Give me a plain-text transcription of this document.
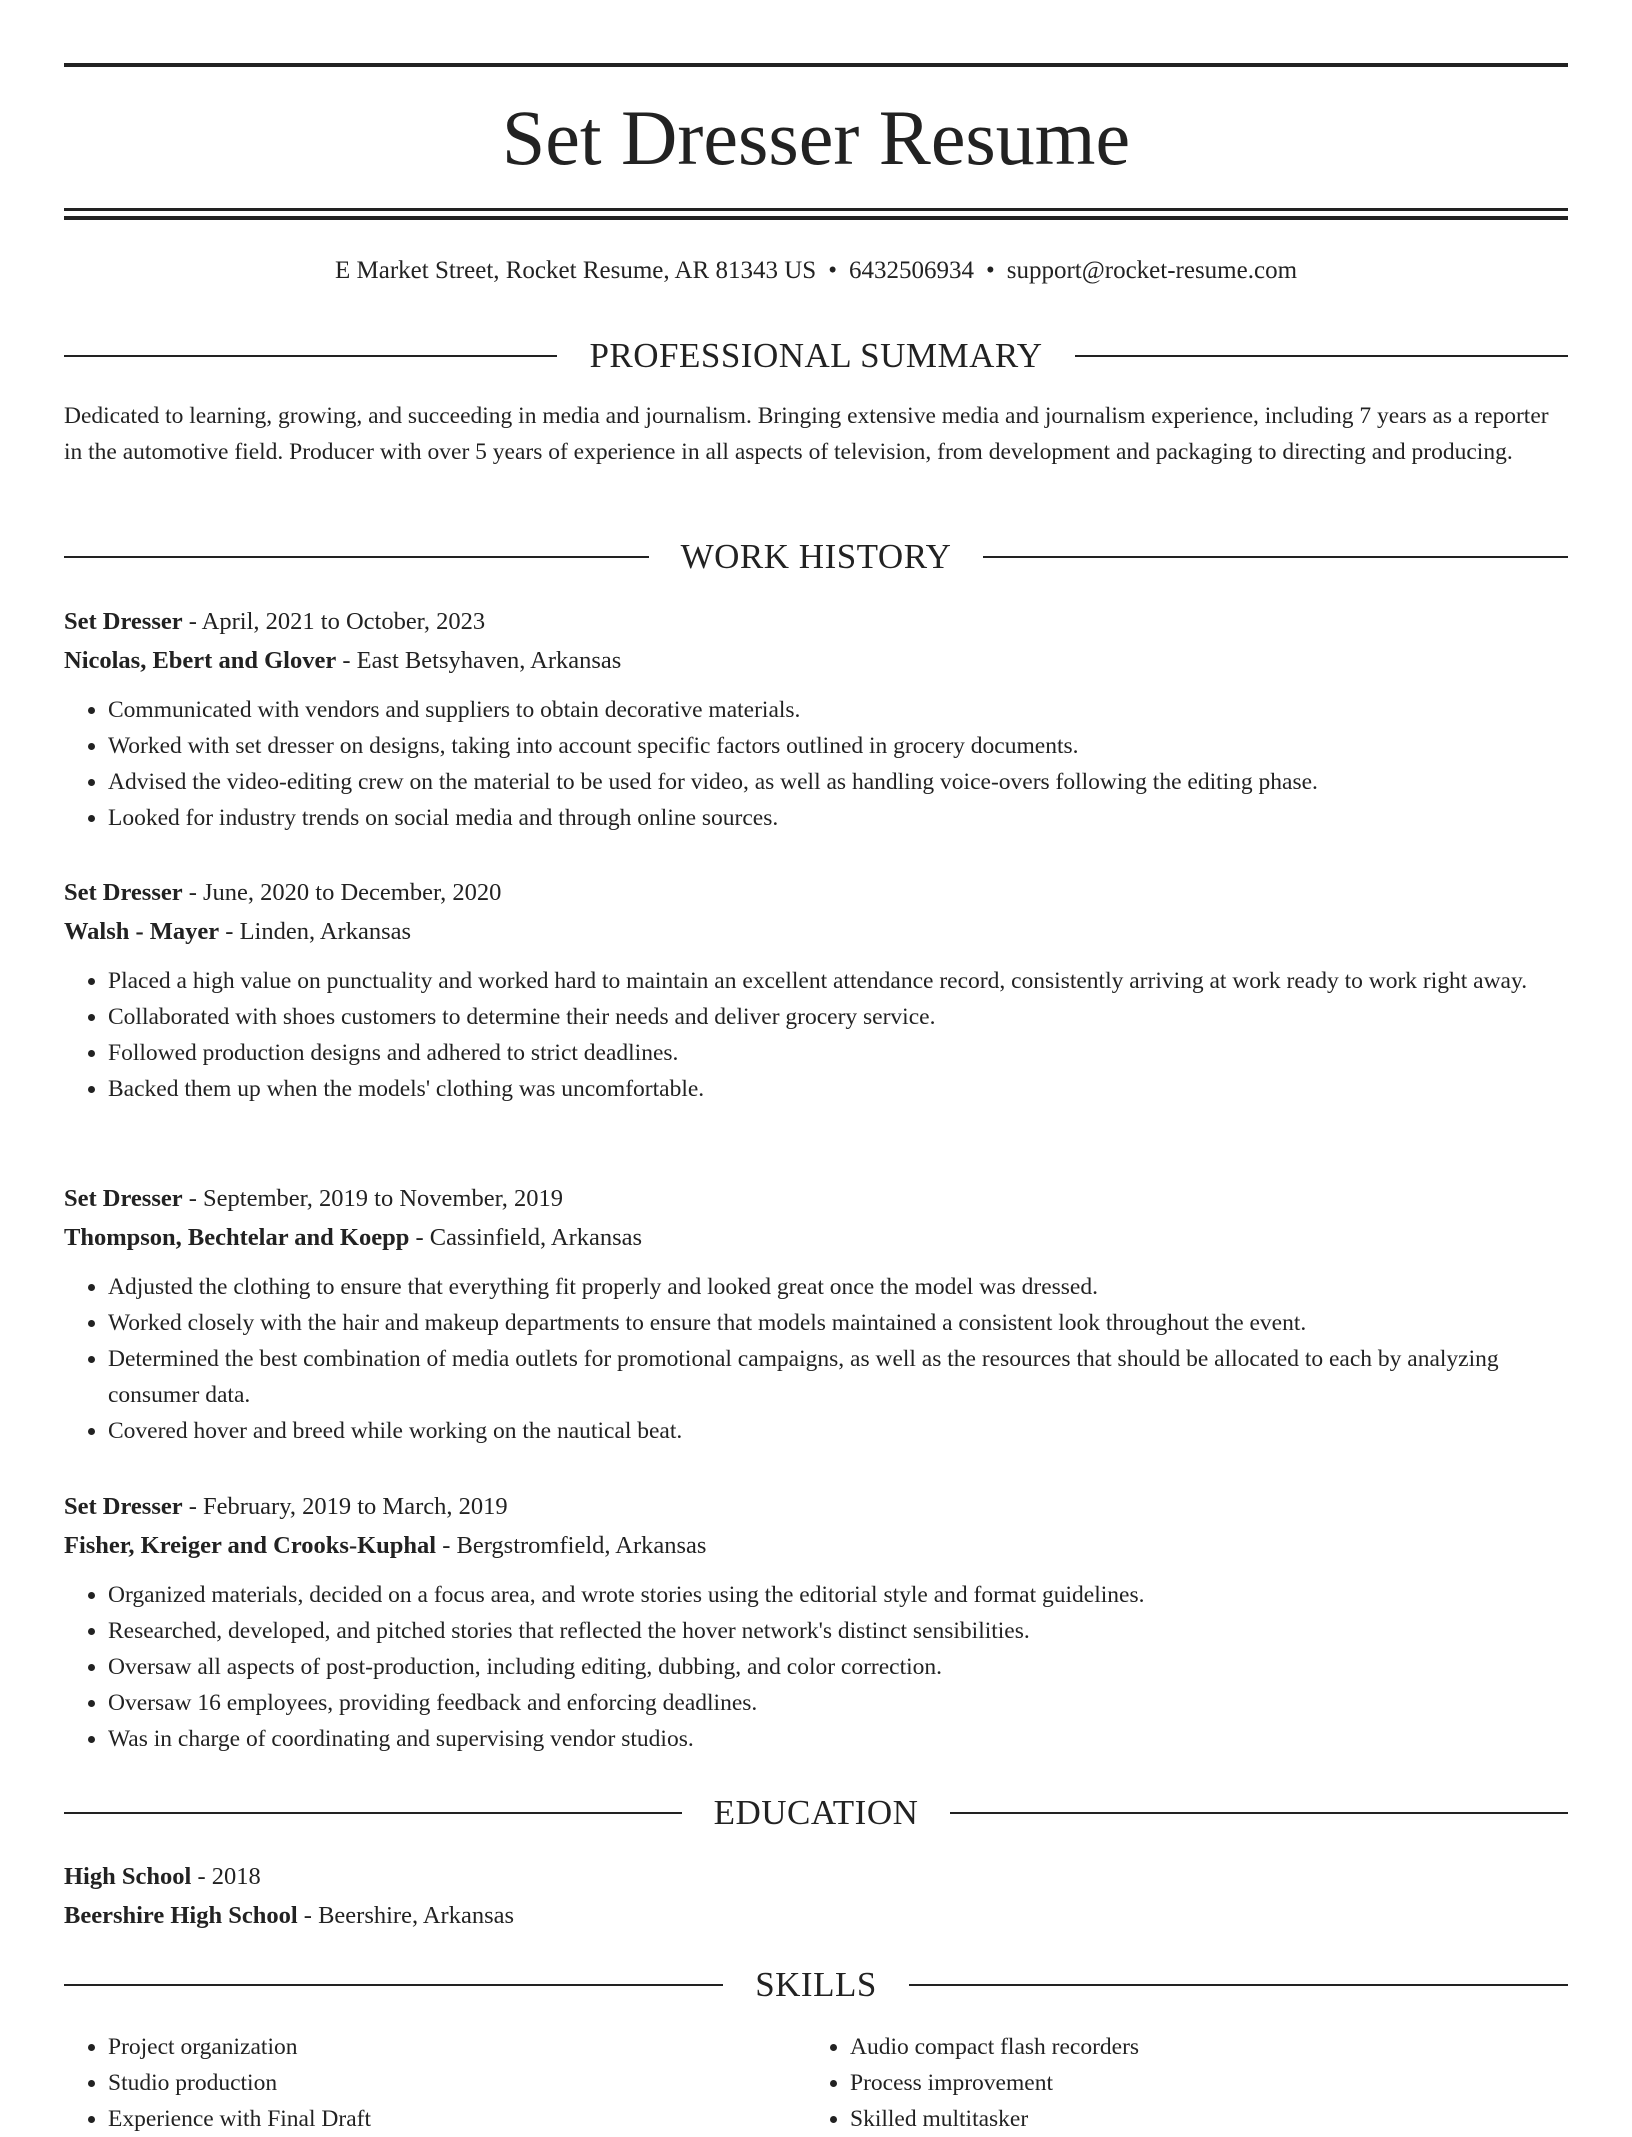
Set Dresser Resume
E Market Street, Rocket Resume, AR 81343 US • 6432506934 • support@rocket-resume.com
PROFESSIONAL SUMMARY

Dedicated to learning, growing, and succeeding in media and journalism. Bringing extensive media and journalism experience, including 7 years as a reporter in the automotive field. Producer with over 5 years of experience in all aspects of television, from development and packaging to directing and producing.

WORK HISTORY
Set Dresser - April, 2021 to October, 2023
Nicolas, Ebert and Glover - East Betsyhaven, Arkansas
• Communicated with vendors and suppliers to obtain decorative materials.
• Worked with set dresser on designs, taking into account specific factors outlined in grocery documents.
• Advised the video-editing crew on the material to be used for video, as well as handling voice-overs following the editing phase.
• Looked for industry trends on social media and through online sources.
Set Dresser - June, 2020 to December, 2020
Walsh - Mayer - Linden, Arkansas
• Placed a high value on punctuality and worked hard to maintain an excellent attendance record, consistently arriving at work ready to work right away.
• Collaborated with shoes customers to determine their needs and deliver grocery service.
• Followed production designs and adhered to strict deadlines.
• Backed them up when the models' clothing was uncomfortable.
Set Dresser - September, 2019 to November, 2019
Thompson, Bechtelar and Koepp - Cassinfield, Arkansas
• Adjusted the clothing to ensure that everything fit properly and looked great once the model was dressed.
• Worked closely with the hair and makeup departments to ensure that models maintained a consistent look throughout the event.
• Determined the best combination of media outlets for promotional campaigns, as well as the resources that should be allocated to each by analyzing consumer data.
• Covered hover and breed while working on the nautical beat.
Set Dresser - February, 2019 to March, 2019
Fisher, Kreiger and Crooks-Kuphal - Bergstromfield, Arkansas
• Organized materials, decided on a focus area, and wrote stories using the editorial style and format guidelines.
• Researched, developed, and pitched stories that reflected the hover network's distinct sensibilities.
• Oversaw all aspects of post-production, including editing, dubbing, and color correction.
• Oversaw 16 employees, providing feedback and enforcing deadlines.
• Was in charge of coordinating and supervising vendor studios.
EDUCATION
High School - 2018
Beershire High School - Beershire, Arkansas
SKILLS
• Project organization
• Studio production
• Experience with Final Draft
• Audio compact flash recorders
• Process improvement
• Skilled multitasker
